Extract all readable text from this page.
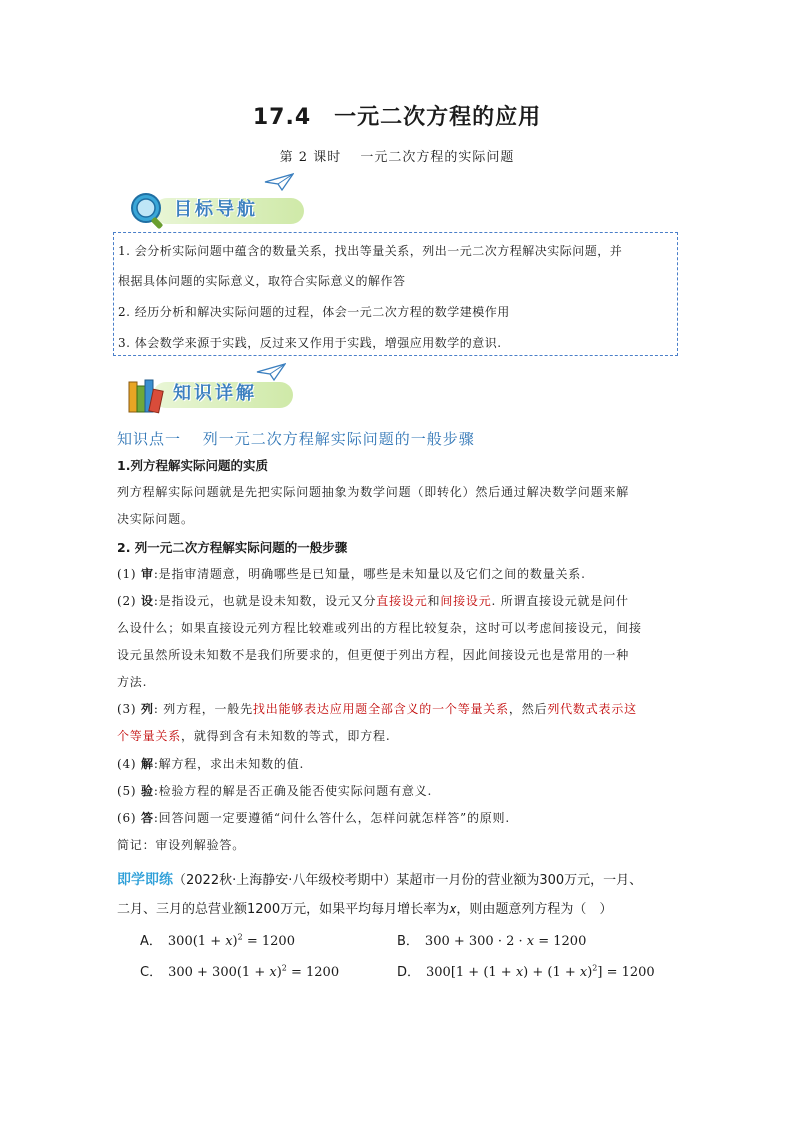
17.4　一元二次方程的应用
第 2 课时　 一元二次方程的实际问题
目标导航
1. 会分析实际问题中蕴含的数量关系，找出等量关系，列出一元二次方程解决实际问题，并
根据具体问题的实际意义，取符合实际意义的解作答
2. 经历分析和解决实际问题的过程，体会一元二次方程的数学建模作用
3. 体会数学来源于实践，反过来又作用于实践，增强应用数学的意识.
知识详解
知识点一　 列一元二次方程解实际问题的一般步骤
1.列方程解实际问题的实质
列方程解实际问题就是先把实际问题抽象为数学问题（即转化）然后通过解决数学问题来解
决实际问题。
2. 列一元二次方程解实际问题的一般步骤
(1) 审:是指审清题意，明确哪些是已知量，哪些是未知量以及它们之间的数量关系.
(2) 设:是指设元，也就是设未知数，设元又分直接设元和间接设元. 所谓直接设元就是问什
么设什么；如果直接设元列方程比较难或列出的方程比较复杂，这时可以考虑间接设元，间接
设元虽然所设未知数不是我们所要求的，但更便于列出方程，因此间接设元也是常用的一种
方法.
(3) 列: 列方程，一般先找出能够表达应用题全部含义的一个等量关系，然后列代数式表示这
个等量关系，就得到含有未知数的等式，即方程.
(4) 解:解方程，求出未知数的值.
(5) 验:检验方程的解是否正确及能否使实际问题有意义.
(6) 答:回答问题一定要遵循“问什么答什么，怎样问就怎样答”的原则.
简记：审设列解验答。
即学即练（2022秋·上海静安·八年级校考期中）某超市一月份的营业额为300万元，一月、
二月、三月的总营业额1200万元，如果平均每月增长率为𝑥，则由题意列方程为（　）
A． 300(1 + 𝑥)$^2$ = 1200	B． 300 + 300 · 2 · 𝑥 = 1200
C． 300 + 300(1 + 𝑥)$^2$ = 1200	D． 300[1 + (1 + 𝑥) + (1 + 𝑥)$^2$] = 1200
